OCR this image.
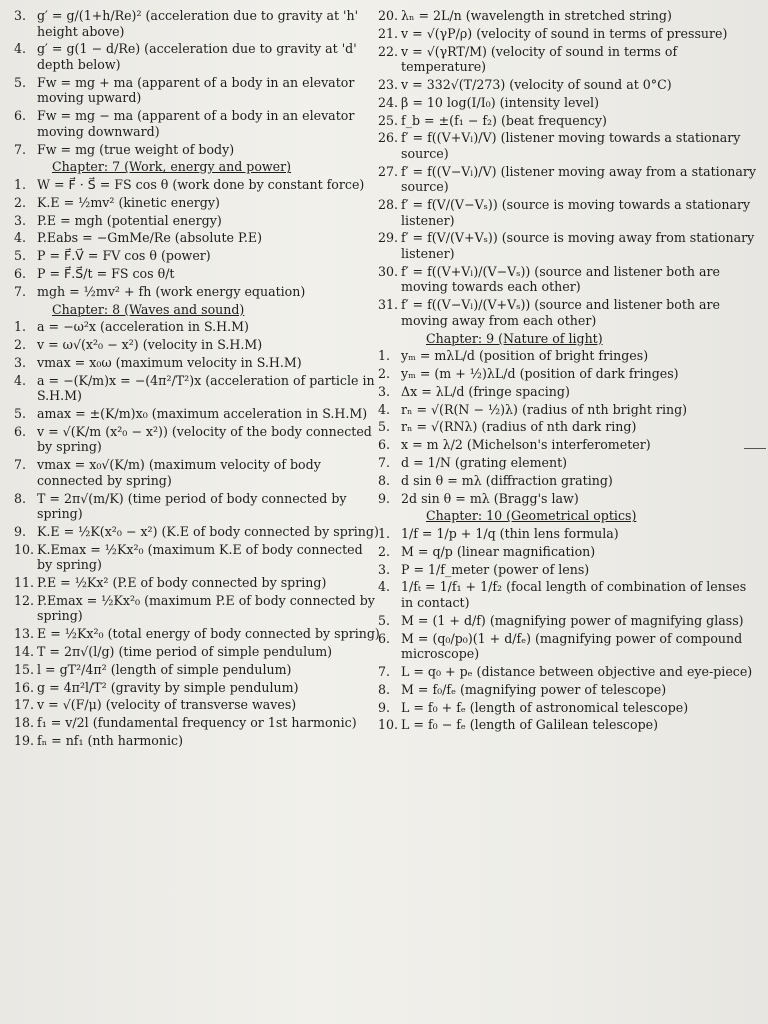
3. g′ = g/(1+h/Re)² (acceleration due to gravity at 'h' height above)
4. g′ = g(1 − d/Re) (acceleration due to gravity at 'd' depth below)
5. Fw = mg + ma (apparent of a body in an elevator moving upward)
6. Fw = mg − ma (apparent of a body in an elevator moving downward)
7. Fw = mg (true weight of body)
Chapter: 7 (Work, energy and power)
1. W = F⃗ · S⃗ = FS cos θ (work done by constant force)
2. K.E = ½mv² (kinetic energy)
3. P.E = mgh (potential energy)
4. P.Eabs = −GmMe/Re (absolute P.E)
5. P = F⃗.V⃗ = FV cos θ (power)
6. P = F⃗.S⃗/t = FS cos θ/t
7. mgh = ½mv² + fh (work energy equation)
Chapter: 8 (Waves and sound)
1. a = −ω²x (acceleration in S.H.M)
2. v = ω√(x²₀ − x²) (velocity in S.H.M)
3. vmax = x₀ω (maximum velocity in S.H.M)
4. a = −(K/m)x = −(4π²/T²)x (acceleration of particle in S.H.M)
5. amax = ±(K/m)x₀ (maximum acceleration in S.H.M)
6. v = √(K/m (x²₀ − x²)) (velocity of the body connected by spring)
7. vmax = x₀√(K/m) (maximum velocity of body connected by spring)
8. T = 2π√(m/K) (time period of body connected by spring)
9. K.E = ½K(x²₀ − x²) (K.E of body connected by spring)
10. K.Emax = ½Kx²₀ (maximum K.E of body connected by spring)
11. P.E = ½Kx² (P.E of body connected by spring)
12. P.Emax = ½Kx²₀ (maximum P.E of body connected by spring)
13. E = ½Kx²₀ (total energy of body connected by spring)
14. T = 2π√(l/g) (time period of simple pendulum)
15. l = gT²/4π² (length of simple pendulum)
16. g = 4π²l/T² (gravity by simple pendulum)
17. v = √(F/μ) (velocity of transverse waves)
18. f₁ = v/2l (fundamental frequency or 1st harmonic)
19. fₙ = nf₁ (nth harmonic)
20. λₙ = 2L/n (wavelength in stretched string)
21. v = √(γP/ρ) (velocity of sound in terms of pressure)
22. v = √(γRT/M) (velocity of sound in terms of temperature)
23. v = 332√(T/273) (velocity of sound at 0°C)
24. β = 10 log(I/I₀) (intensity level)
25. f_b = ±(f₁ − f₂) (beat frequency)
26. f′ = f((V+Vₗ)/V) (listener moving towards a stationary source)
27. f′ = f((V−Vₗ)/V) (listener moving away from a stationary source)
28. f′ = f(V/(V−Vₛ)) (source is moving towards a stationary listener)
29. f′ = f(V/(V+Vₛ)) (source is moving away from stationary listener)
30. f′ = f((V+Vₗ)/(V−Vₛ)) (source and listener both are moving towards each other)
31. f′ = f((V−Vₗ)/(V+Vₛ)) (source and listener both are moving away from each other)
Chapter: 9 (Nature of light)
1. yₘ = mλL/d (position of bright fringes)
2. yₘ = (m + ½)λL/d (position of dark fringes)
3. Δx = λL/d (fringe spacing)
4. rₙ = √(R(N − ½)λ) (radius of nth bright ring)
5. rₙ = √(RNλ) (radius of nth dark ring)
6. x = m λ/2 (Michelson's interferometer)
7. d = 1/N (grating element)
8. d sin θ = mλ (diffraction grating)
9. 2d sin θ = mλ (Bragg's law)
Chapter: 10 (Geometrical optics)
1. 1/f = 1/p + 1/q (thin lens formula)
2. M = q/p (linear magnification)
3. P = 1/f_meter (power of lens)
4. 1/fₜ = 1/f₁ + 1/f₂ (focal length of combination of lenses in contact)
5. M = (1 + d/f) (magnifying power of magnifying glass)
6. M = (q₀/p₀)(1 + d/fₑ) (magnifying power of compound microscope)
7. L = q₀ + pₑ (distance between objective and eye-piece)
8. M = f₀/fₑ (magnifying power of telescope)
9. L = f₀ + fₑ (length of astronomical telescope)
10. L = f₀ − fₑ (length of Galilean telescope)
